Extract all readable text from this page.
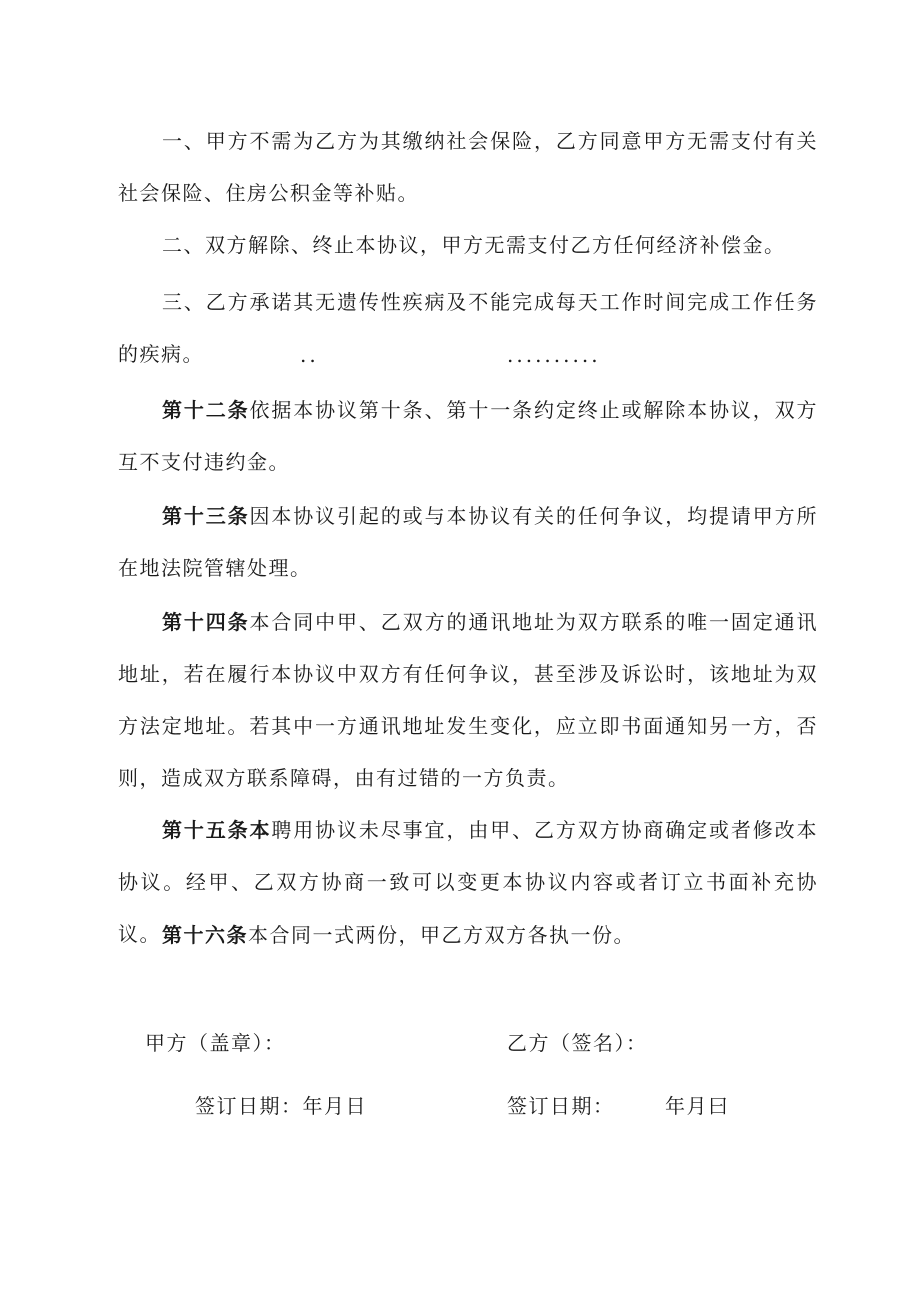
一、甲方不需为乙方为其缴纳社会保险，乙方同意甲方无需支付有关社会保险、住房公积金等补贴。

二、双方解除、终止本协议，甲方无需支付乙方任何经济补偿金。

三、乙方承诺其无遗传性疾病及不能完成每天工作时间完成工作任务的疾病。	..	..........

第十二条依据本协议第十条、第十一条约定终止或解除本协议，双方互不支付违约金。

第十三条因本协议引起的或与本协议有关的任何争议，均提请甲方所在地法院管辖处理。

第十四条本合同中甲、乙双方的通讯地址为双方联系的唯一固定通讯地址，若在履行本协议中双方有任何争议，甚至涉及诉讼时，该地址为双方法定地址。若其中一方通讯地址发生变化，应立即书面通知另一方，否则，造成双方联系障碍，由有过错的一方负责。

第十五条本聘用协议未尽事宜，由甲、乙方双方协商确定或者修改本协议。经甲、乙双方协商一致可以变更本协议内容或者订立书面补充协议。 第十六条本合同一式两份，甲乙方双方各执一份。

甲方（盖章）：	乙方（签名）：
签订日期：年月日	签订日期：	年月曰
